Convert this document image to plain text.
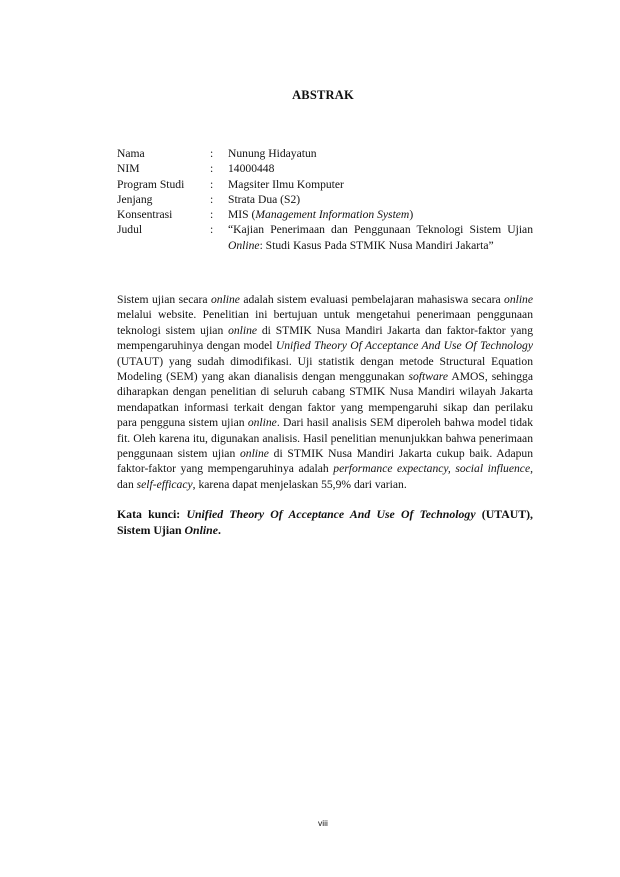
ABSTRAK
Nama	:	Nunung Hidayatun
NIM	:	14000448
Program Studi	:	Magsiter Ilmu Komputer
Jenjang	:	Strata Dua (S2)
Konsentrasi	:	MIS (Management Information System)
Judul	:	“Kajian Penerimaan dan Penggunaan Teknologi Sistem Ujian Online: Studi Kasus Pada STMIK Nusa Mandiri Jakarta”
Sistem ujian secara online adalah sistem evaluasi pembelajaran mahasiswa secara online melalui website. Penelitian ini bertujuan untuk mengetahui penerimaan penggunaan teknologi sistem ujian online di STMIK Nusa Mandiri Jakarta dan faktor-faktor yang mempengaruhinya dengan model Unified Theory Of Acceptance And Use Of Technology (UTAUT) yang sudah dimodifikasi. Uji statistik dengan metode Structural Equation Modeling (SEM) yang akan dianalisis dengan menggunakan software AMOS, sehingga diharapkan dengan penelitian di seluruh cabang STMIK Nusa Mandiri wilayah Jakarta mendapatkan informasi terkait dengan faktor yang mempengaruhi sikap dan perilaku para pengguna sistem ujian online. Dari hasil analisis SEM diperoleh bahwa model tidak fit. Oleh karena itu, digunakan analisis. Hasil penelitian menunjukkan bahwa penerimaan penggunaan sistem ujian online di STMIK Nusa Mandiri Jakarta cukup baik. Adapun faktor-faktor yang mempengaruhinya adalah performance expectancy, social influence, dan self-efficacy, karena dapat menjelaskan 55,9% dari varian.
Kata kunci: Unified Theory Of Acceptance And Use Of Technology (UTAUT), Sistem Ujian Online.
viii
